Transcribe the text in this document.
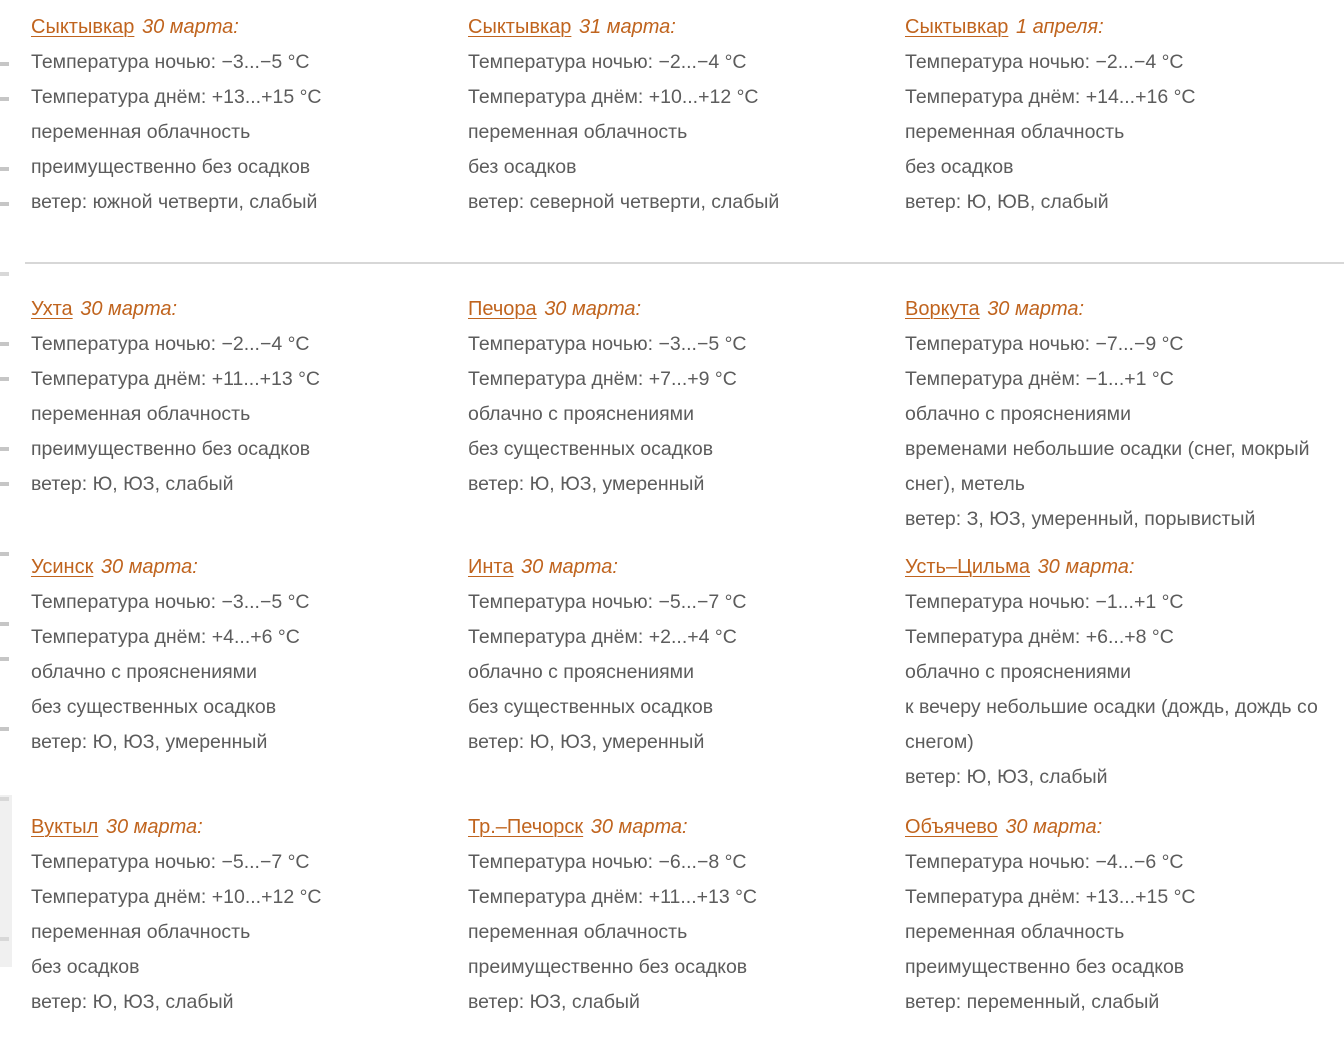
Сыктывкар 30 марта:
Температура ночью: −3...−5 °C
Температура днём: +13...+15 °C
переменная облачность
преимущественно без осадков
ветер: южной четверти, слабый
Сыктывкар 31 марта:
Температура ночью: −2...−4 °C
Температура днём: +10...+12 °C
переменная облачность
без осадков
ветер: северной четверти, слабый
Сыктывкар 1 апреля:
Температура ночью: −2...−4 °C
Температура днём: +14...+16 °C
переменная облачность
без осадков
ветер: Ю, ЮВ, слабый
Ухта 30 марта:
Температура ночью: −2...−4 °C
Температура днём: +11...+13 °C
переменная облачность
преимущественно без осадков
ветер: Ю, ЮЗ, слабый
Печора 30 марта:
Температура ночью: −3...−5 °C
Температура днём: +7...+9 °C
облачно с прояснениями
без существенных осадков
ветер: Ю, ЮЗ, умеренный
Воркута 30 марта:
Температура ночью: −7...−9 °C
Температура днём: −1...+1 °C
облачно с прояснениями
временами небольшие осадки (снег, мокрый снег), метель
ветер: З, ЮЗ, умеренный, порывистый
Усинск 30 марта:
Температура ночью: −3...−5 °C
Температура днём: +4...+6 °C
облачно с прояснениями
без существенных осадков
ветер: Ю, ЮЗ, умеренный
Инта 30 марта:
Температура ночью: −5...−7 °C
Температура днём: +2...+4 °C
облачно с прояснениями
без существенных осадков
ветер: Ю, ЮЗ, умеренный
Усть–Цильма 30 марта:
Температура ночью: −1...+1 °C
Температура днём: +6...+8 °C
облачно с прояснениями
к вечеру небольшие осадки (дождь, дождь со снегом)
ветер: Ю, ЮЗ, слабый
Вуктыл 30 марта:
Температура ночью: −5...−7 °C
Температура днём: +10...+12 °C
переменная облачность
без осадков
ветер: Ю, ЮЗ, слабый
Тр.–Печорск 30 марта:
Температура ночью: −6...−8 °C
Температура днём: +11...+13 °C
переменная облачность
преимущественно без осадков
ветер: ЮЗ, слабый
Объячево 30 марта:
Температура ночью: −4...−6 °C
Температура днём: +13...+15 °C
переменная облачность
преимущественно без осадков
ветер: переменный, слабый
